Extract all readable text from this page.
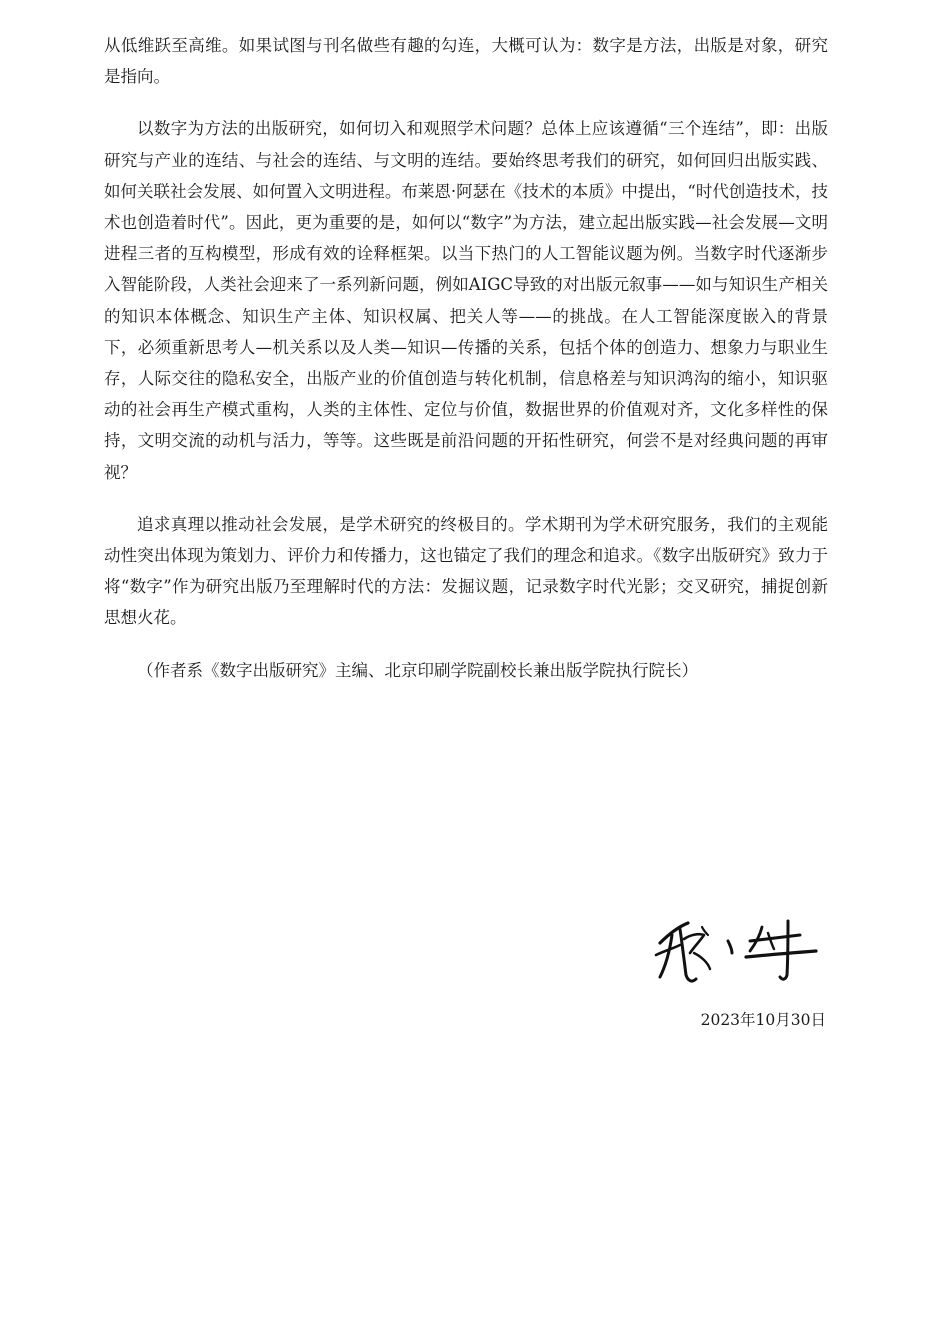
从低维跃至高维。如果试图与刊名做些有趣的勾连，大概可认为：数字是方法，出版是对象，研究是指向。

以数字为方法的出版研究，如何切入和观照学术问题？总体上应该遵循“三个连结”，即：出版研究与产业的连结、与社会的连结、与文明的连结。要始终思考我们的研究，如何回归出版实践、如何关联社会发展、如何置入文明进程。布莱恩·阿瑟在《技术的本质》中提出，“时代创造技术，技术也创造着时代”。因此，更为重要的是，如何以“数字”为方法，建立起出版实践—社会发展—文明进程三者的互构模型，形成有效的诠释框架。以当下热门的人工智能议题为例。当数字时代逐渐步入智能阶段，人类社会迎来了一系列新问题，例如AIGC导致的对出版元叙事——如与知识生产相关的知识本体概念、知识生产主体、知识权属、把关人等——的挑战。在人工智能深度嵌入的背景下，必须重新思考人—机关系以及人类—知识—传播的关系，包括个体的创造力、想象力与职业生存，人际交往的隐私安全，出版产业的价值创造与转化机制，信息格差与知识鸿沟的缩小，知识驱动的社会再生产模式重构，人类的主体性、定位与价值，数据世界的价值观对齐，文化多样性的保持，文明交流的动机与活力，等等。这些既是前沿问题的开拓性研究，何尝不是对经典问题的再审视？

追求真理以推动社会发展，是学术研究的终极目的。学术期刊为学术研究服务，我们的主观能动性突出体现为策划力、评价力和传播力，这也锚定了我们的理念和追求。《数字出版研究》致力于将“数字”作为研究出版乃至理解时代的方法：发掘议题，记录数字时代光影；交叉研究，捕捉创新思想火花。

（作者系《数字出版研究》主编、北京印刷学院副校长兼出版学院执行院长）

2023年10月30日
